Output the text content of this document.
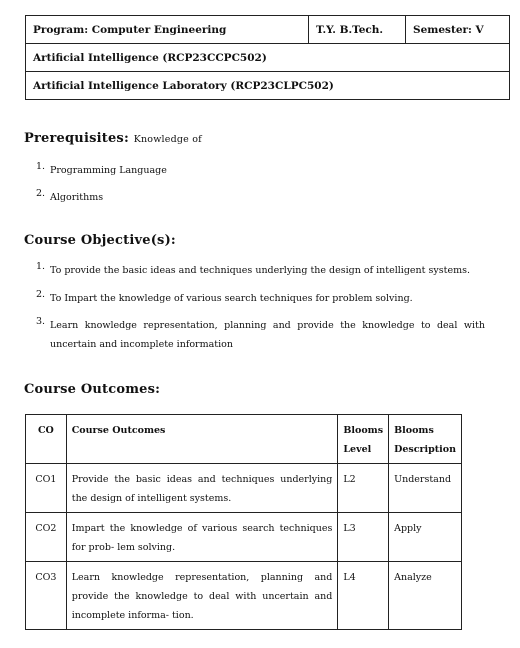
Program: Computer Engineering	T.Y. B.Tech.	Semester: V
Artificial Intelligence (RCP23CCPC502)
Artificial Intelligence Laboratory (RCP23CLPC502)
Prerequisites: Knowledge of
1. Programming Language
2. Algorithms
Course Objective(s):
1. To provide the basic ideas and techniques underlying the design of intelligent systems.
2. To Impart the knowledge of various search techniques for problem solving.
3. Learn knowledge representation, planning and provide the knowledge to deal with uncertain and incomplete information
Course Outcomes:
CO	Course Outcomes	Blooms Level	Blooms Description
CO1	Provide the basic ideas and techniques underlying the design of intelligent systems.	L2	Understand
CO2	Impart the knowledge of various search techniques for prob- lem solving.	L3	Apply
CO3	Learn knowledge representation, planning and provide the knowledge to deal with uncertain and incomplete informa- tion.	L4	Analyze
